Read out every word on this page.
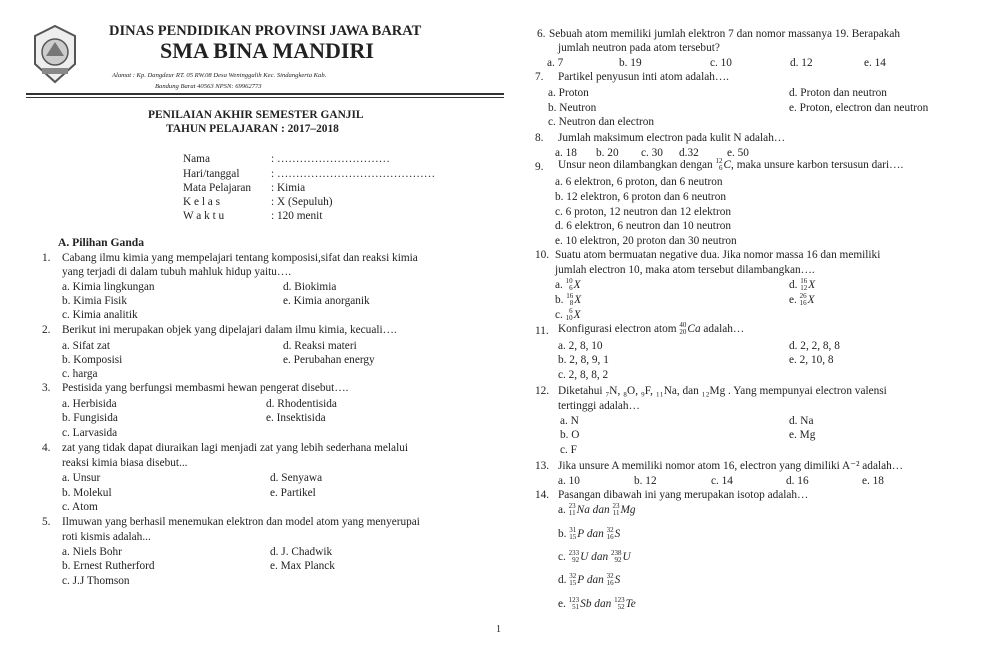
DINAS PENDIDIKAN PROVINSI JAWA BARAT
SMA BINA MANDIRI
Alamat : Kp. Dangdeur RT. 05 RW.08 Desa Weninggalih Kec. Sindangkerta Kab.
Bandung Barat 40563 NPSN: 69962773
PENILAIAN AKHIR SEMESTER GANJIL
TAHUN PELAJARAN : 2017–2018
Nama	: …………………………
Hari/tanggal	: ……………………………………
Mata Pelajaran : Kimia
K e l a s	: X (Sepuluh)
W a k t u	: 120 menit
A. Pilihan Ganda
1. Cabang ilmu kimia yang mempelajari tentang komposisi,sifat dan reaksi kimia
yang terjadi di dalam tubuh mahluk hidup yaitu….
a. Kimia lingkungan	d. Biokimia
b. Kimia Fisik	e. Kimia anorganik
c. Kimia analitik
2. Berikut ini merupakan objek yang dipelajari dalam ilmu kimia, kecuali….
a. Sifat zat	d. Reaksi materi
b. Komposisi	e. Perubahan energy
c. harga
3. Pestisida yang berfungsi membasmi hewan pengerat disebut….
a. Herbisida	d. Rhodentisida
b. Fungisida	e. Insektisida
c. Larvasida
4. zat yang tidak dapat diuraikan lagi menjadi zat yang lebih sederhana melalui
reaksi kimia biasa disebut...
a. Unsur	d. Senyawa
b. Molekul	e. Partikel
c. Atom
5. Ilmuwan yang berhasil menemukan elektron dan model atom yang menyerupai
roti kismis adalah...
a. Niels Bohr	d. J. Chadwik
b. Ernest Rutherford	e. Max Planck
c. J.J Thomson
6. Sebuah atom memiliki jumlah elektron 7 dan nomor massanya 19. Berapakah
jumlah neutron pada atom tersebut?
a. 7	b. 19	c. 10	d. 12	e. 14
7. Partikel penyusun inti atom adalah….
a. Proton	d. Proton dan neutron
b. Neutron	e. Proton, electron dan neutron
c. Neutron dan electron
8. Jumlah maksimum electron pada kulit N adalah…
a. 18 b. 20 c. 30 d.32 e. 50
Unsur neon dilambangkan dengan 12
6 C, maka unsure karbon tersusun dari….
9.
a. 6 elektron, 6 proton, dan 6 neutron
b. 12 elektron, 6 proton dan 6 neutron
c. 6 proton, 12 neutron dan 12 elektron
d. 6 elektron, 6 neutron dan 10 neutron
e. 10 elektron, 20 proton dan 30 neutron
10. Suatu atom bermuatan negative dua. Jika nomor massa 16 dan memiliki
jumlah electron 10, maka atom tersebut dilambangkan….
a. 10
6 X	d. 16
12 X
b. 16
8 X	e. 26
16 X
c. 6
10 X
11. Konfigurasi electron atom 40
20 Ca adalah…
a. 2, 8, 10	d. 2, 2, 8, 8
b. 2, 8, 9, 1	e. 2, 10, 8
c. 2, 8, 8, 2
12. Diketahui ₇N, ₈O, ₉F, ₁₁Na, dan ₁₂Mg . Yang mempunyai electron valensi
tertinggi adalah…
a. N	d. Na
b. O	e. Mg
c. F
13. Jika unsure A memiliki nomor atom 16, electron yang dimiliki A⁻² adalah…
a. 10	b. 12	c. 14	d. 16	e. 18
14. Pasangan dibawah ini yang merupakan isotop adalah…
a. 23
11 Na dan 23
11 Mg
b. 31
15 P dan 32
16 S
c. 233
92 U dan 238
92 U
d. 32
15 P dan 32
16 S
e. 123
51 Sb dan 123
52 Te
1
